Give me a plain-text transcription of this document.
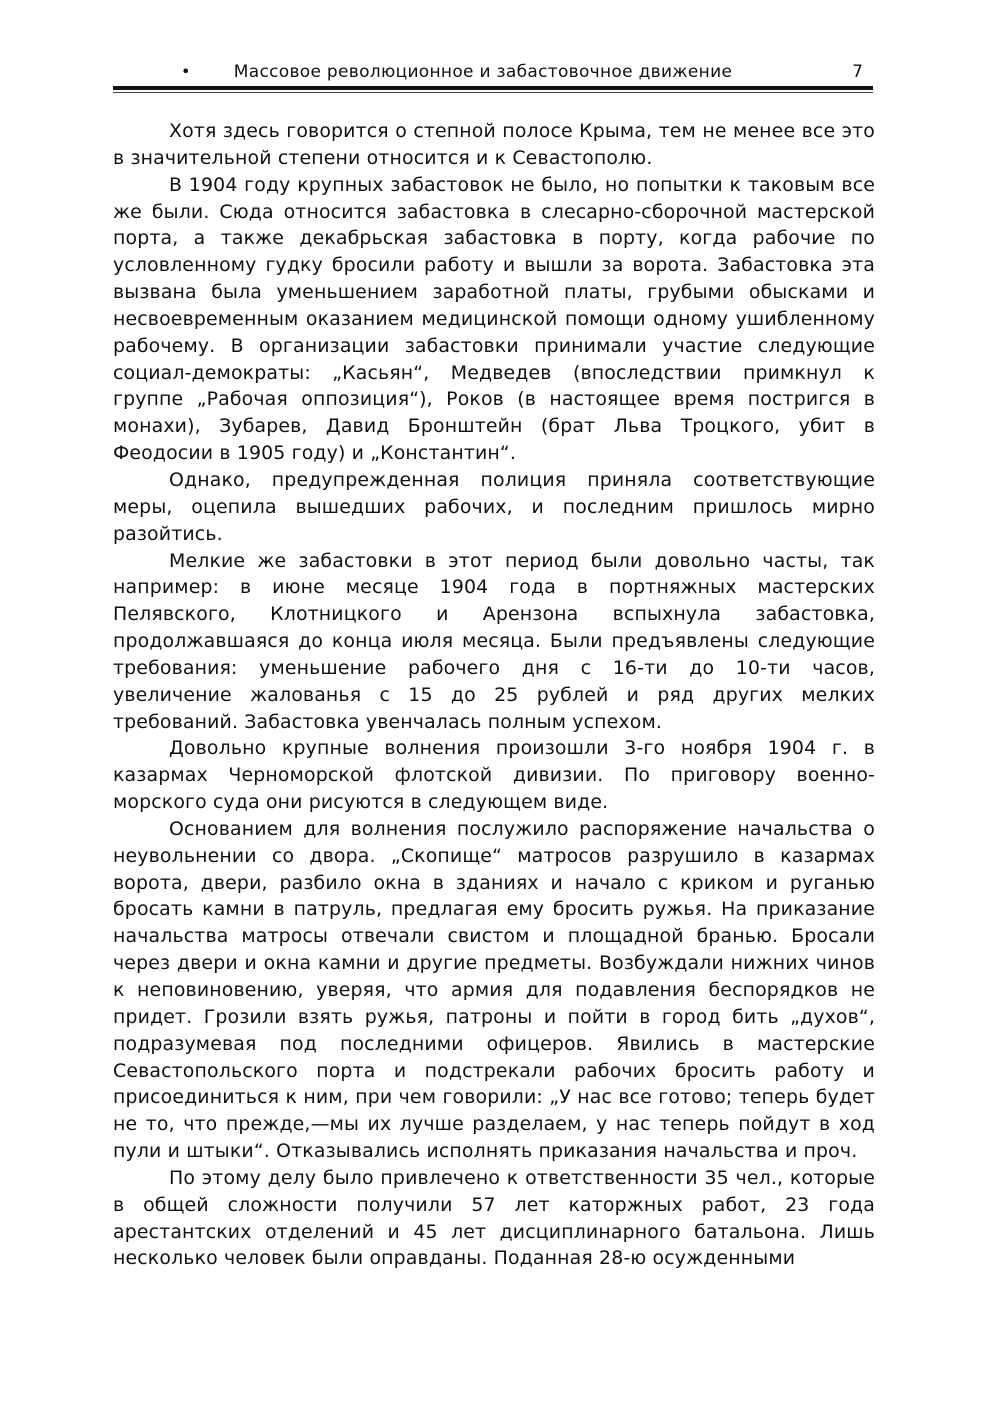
•	Массовое революционное и забастовочное движение	7

Хотя здесь говорится о степной полосе Крыма, тем не менее все это в значительной степени относится и к Севастополю.

В 1904 году крупных забастовок не было, но попытки к таковым все же были. Сюда относится забастовка в слесарно-сборочной мастерской порта, а также декабрьская забастовка в порту, когда рабочие по условленному гудку бросили работу и вышли за ворота. Забастовка эта вызвана была уменьшением заработной платы, грубыми обысками и несвоевременным оказанием медицинской помощи одному ушибленному рабочему. В организации забастовки принимали участие следующие социал-демократы: „Касьян“, Медведев (впоследствии примкнул к группе „Рабочая оппозиция“), Роков (в настоящее время постригся в монахи), Зубарев, Давид Бронштейн (брат Льва Троцкого, убит в Феодосии в 1905 году) и „Константин“.

Однако, предупрежденная полиция приняла соответствующие меры, оцепила вышедших рабочих, и последним пришлось мирно разойтись.

Мелкие же забастовки в этот период были довольно часты, так например: в июне месяце 1904 года в портняжных мастерских Пелявского, Клотницкого и Арензона вспыхнула забастовка, продолжавшаяся до конца июля месяца. Были предъявлены следующие требования: уменьшение рабочего дня с 16-ти до 10-ти часов, увеличение жалованья с 15 до 25 рублей и ряд других мелких требований. Забастовка увенчалась полным успехом.

Довольно крупные волнения произошли 3-го ноября 1904 г. в казармах Черноморской флотской дивизии. По приговору военно-морского суда они рисуются в следующем виде.

Основанием для волнения послужило распоряжение начальства о неувольнении со двора. „Скопище“ матросов разрушило в казармах ворота, двери, разбило окна в зданиях и начало с криком и руганью бросать камни в патруль, предлагая ему бросить ружья. На приказание начальства матросы отвечали свистом и площадной бранью. Бросали через двери и окна камни и другие предметы. Возбуждали нижних чинов к неповиновению, уверяя, что армия для подавления беспорядков не придет. Грозили взять ружья, патроны и пойти в город бить „духов“, подразумевая под последними офицеров. Явились в мастерские Севастопольского порта и подстрекали рабочих бросить работу и присоединиться к ним, при чем говорили: „У нас все готово; теперь будет не то, что прежде,—мы их лучше разделаем, у нас теперь пойдут в ход пули и штыки“. Отказывались исполнять приказания начальства и проч.

По этому делу было привлечено к ответственности 35 чел., которые в общей сложности получили 57 лет каторжных работ, 23 года арестантских отделений и 45 лет дисциплинарного батальона. Лишь несколько человек были оправданы. Поданная 28-ю осужденными
